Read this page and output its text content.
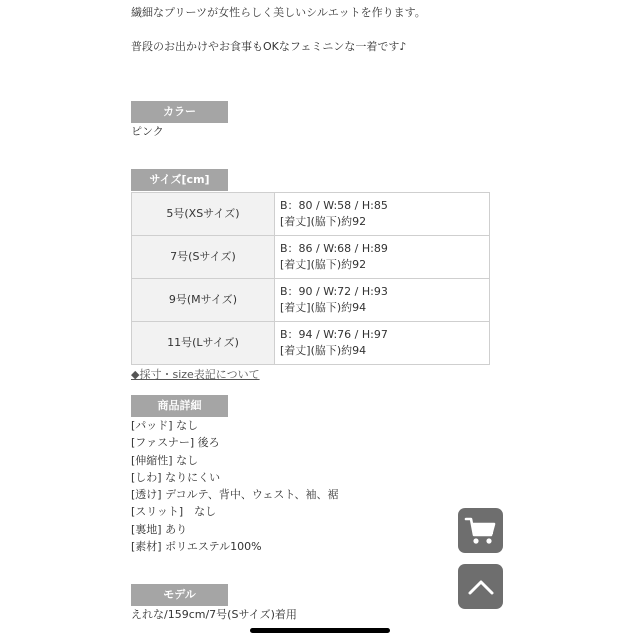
繊細なプリーツが女性らしく美しいシルエットを作ります。
普段のお出かけやお食事もOKなフェミニンな一着です♪
カラー
ピンク
サイズ[cm]
5号(XSサイズ)	B：80 / W:58 / H:85
[着丈](脇下)約92

7号(Sサイズ)	B：86 / W:68 / H:89
[着丈](脇下)約92

9号(Mサイズ)	B：90 / W:72 / H:93
[着丈](脇下)約94

11号(Lサイズ)	B：94 / W:76 / H:97
[着丈](脇下)約94
◆採寸・size表記について
商品詳細
[パッド] なし
[ファスナー] 後ろ
[伸縮性] なし
[しわ] なりにくい
[透け] デコルテ、背中、ウェスト、袖、裾
[スリット]　なし
[裏地] あり
[素材] ポリエステル100%
モデル
えれな/159cm/7号(Sサイズ)着用
